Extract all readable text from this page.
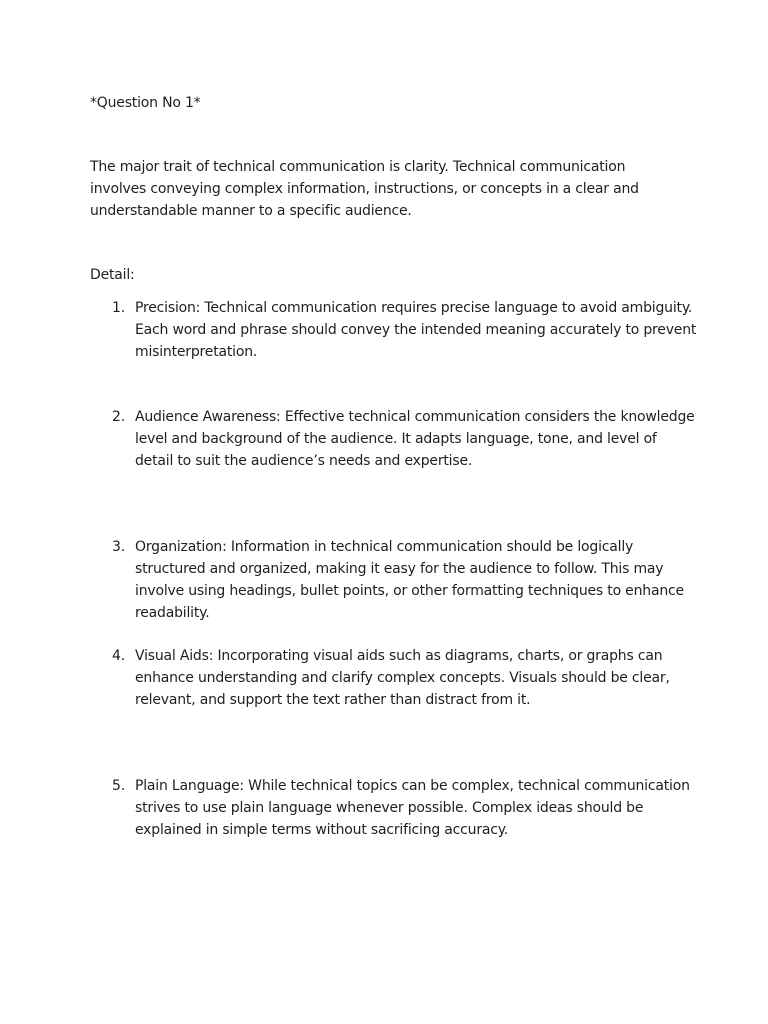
*Question No 1*

The major trait of technical communication is clarity. Technical communication involves conveying complex information, instructions, or concepts in a clear and understandable manner to a specific audience.

Detail:

1. Precision: Technical communication requires precise language to avoid ambiguity. Each word and phrase should convey the intended meaning accurately to prevent misinterpretation.

2. Audience Awareness: Effective technical communication considers the knowledge level and background of the audience. It adapts language, tone, and level of detail to suit the audience’s needs and expertise.

3. Organization: Information in technical communication should be logically structured and organized, making it easy for the audience to follow. This may involve using headings, bullet points, or other formatting techniques to enhance readability.

4. Visual Aids: Incorporating visual aids such as diagrams, charts, or graphs can enhance understanding and clarify complex concepts. Visuals should be clear, relevant, and support the text rather than distract from it.

5. Plain Language: While technical topics can be complex, technical communication strives to use plain language whenever possible. Complex ideas should be explained in simple terms without sacrificing accuracy.
